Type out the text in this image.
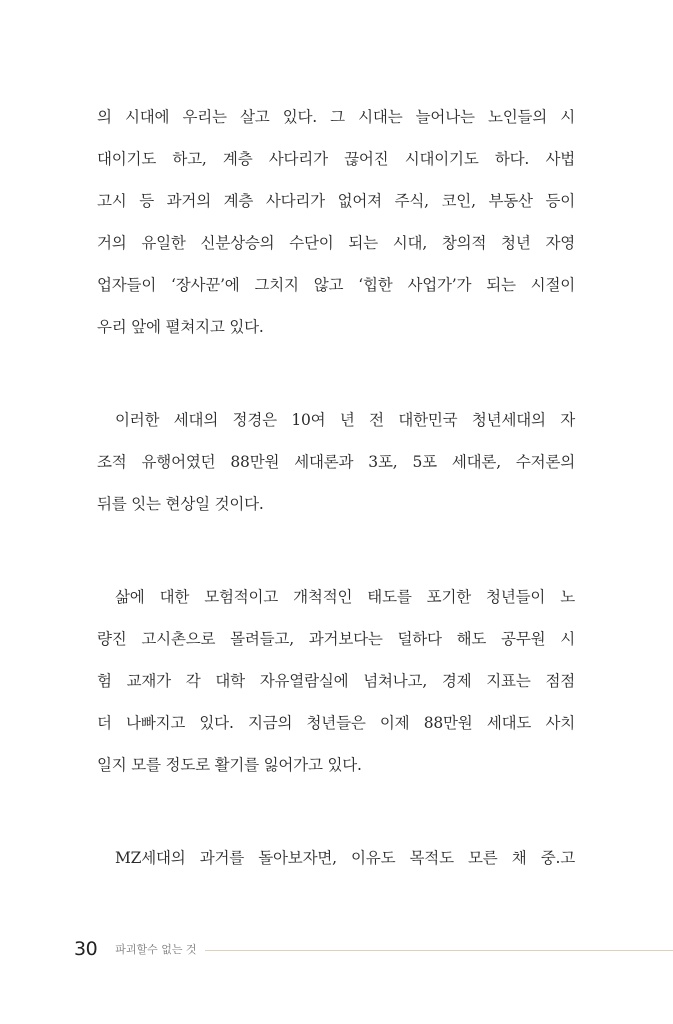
의 시대에 우리는 살고 있다. 그 시대는 늘어나는 노인들의 시
대이기도 하고, 계층 사다리가 끊어진 시대이기도 하다. 사법
고시 등 과거의 계층 사다리가 없어져 주식, 코인, 부동산 등이
거의 유일한 신분상승의 수단이 되는 시대, 창의적 청년 자영
업자들이 ‘장사꾼’에 그치지 않고 ‘힙한 사업가’가 되는 시절이
우리 앞에 펼쳐지고 있다.

이러한 세대의 정경은 10여 년 전 대한민국 청년세대의 자
조적 유행어였던 88만원 세대론과 3포, 5포 세대론, 수저론의
뒤를 잇는 현상일 것이다.

삶에 대한 모험적이고 개척적인 태도를 포기한 청년들이 노
량진 고시촌으로 몰려들고, 과거보다는 덜하다 해도 공무원 시
험 교재가 각 대학 자유열람실에 넘쳐나고, 경제 지표는 점점
더 나빠지고 있다. 지금의 청년들은 이제 88만원 세대도 사치
일지 모를 정도로 활기를 잃어가고 있다.

MZ세대의 과거를 돌아보자면, 이유도 목적도 모른 채 중.고

30 파괴할수 없는 것
